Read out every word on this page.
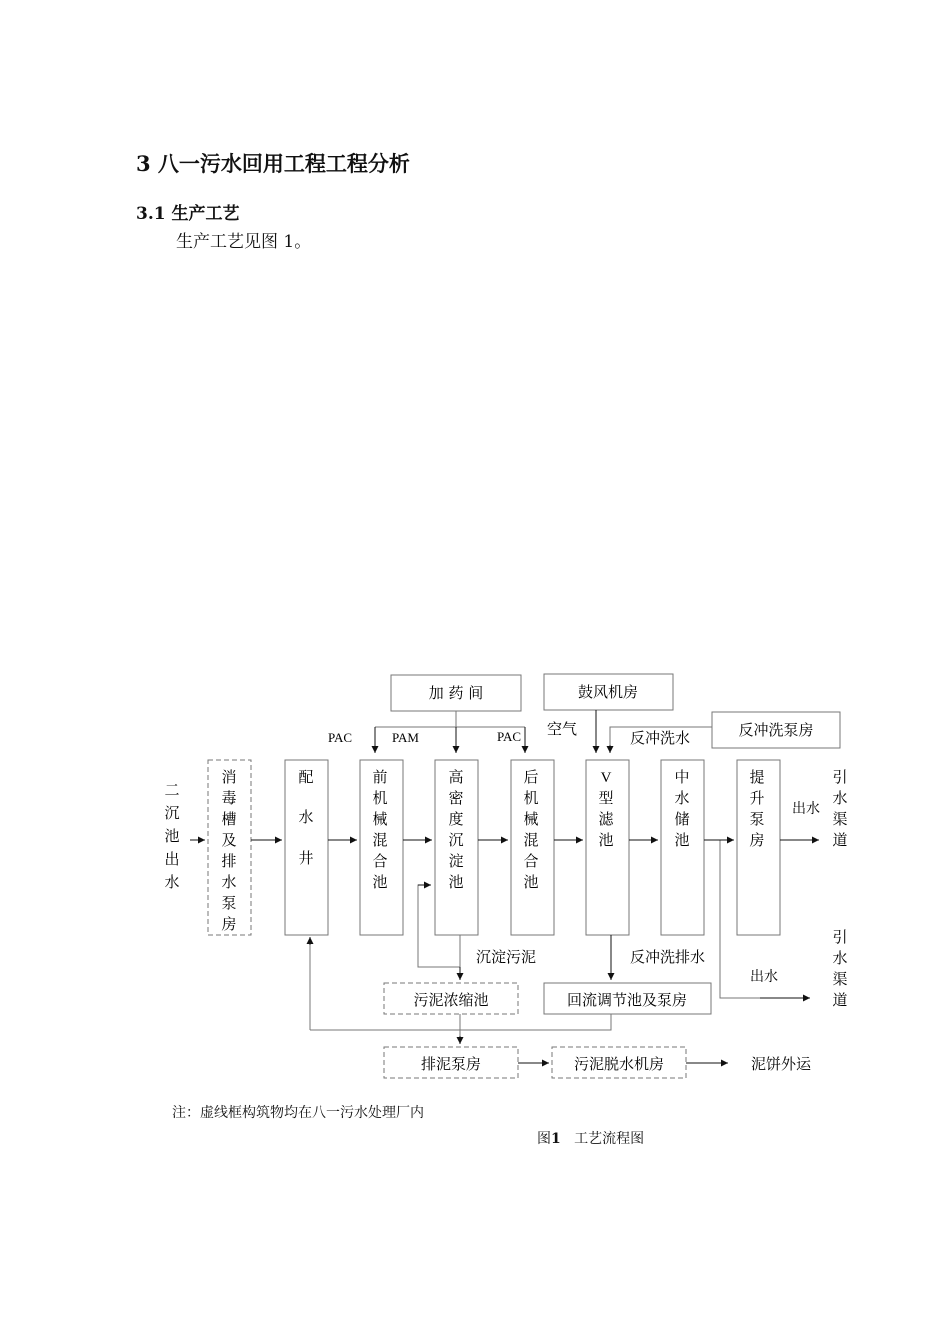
3 八一污水回用工程工程分析
3.1 生产工艺
生产工艺见图 1。
加 药 间	鼓风机房
反冲洗泵房
PAC	PAM	PAC 空气	反冲洗水
二
沉
池
出
水
消
毒
槽
及
排
水
泵
房
配
水
井
前
机
械
混
合
池
高
密
度
沉
淀
池
后
机
械
混
合
池
V
型
滤
池
中
水
储
池
提
升
泵
房
引
水
渠
道
引
水
渠
道
出水
出水
沉淀污泥	反冲洗排水
污泥浓缩池	回流调节池及泵房
排泥泵房	污泥脱水机房	泥饼外运
注：虚线框构筑物均在八一污水处理厂内
图1 工艺流程图
